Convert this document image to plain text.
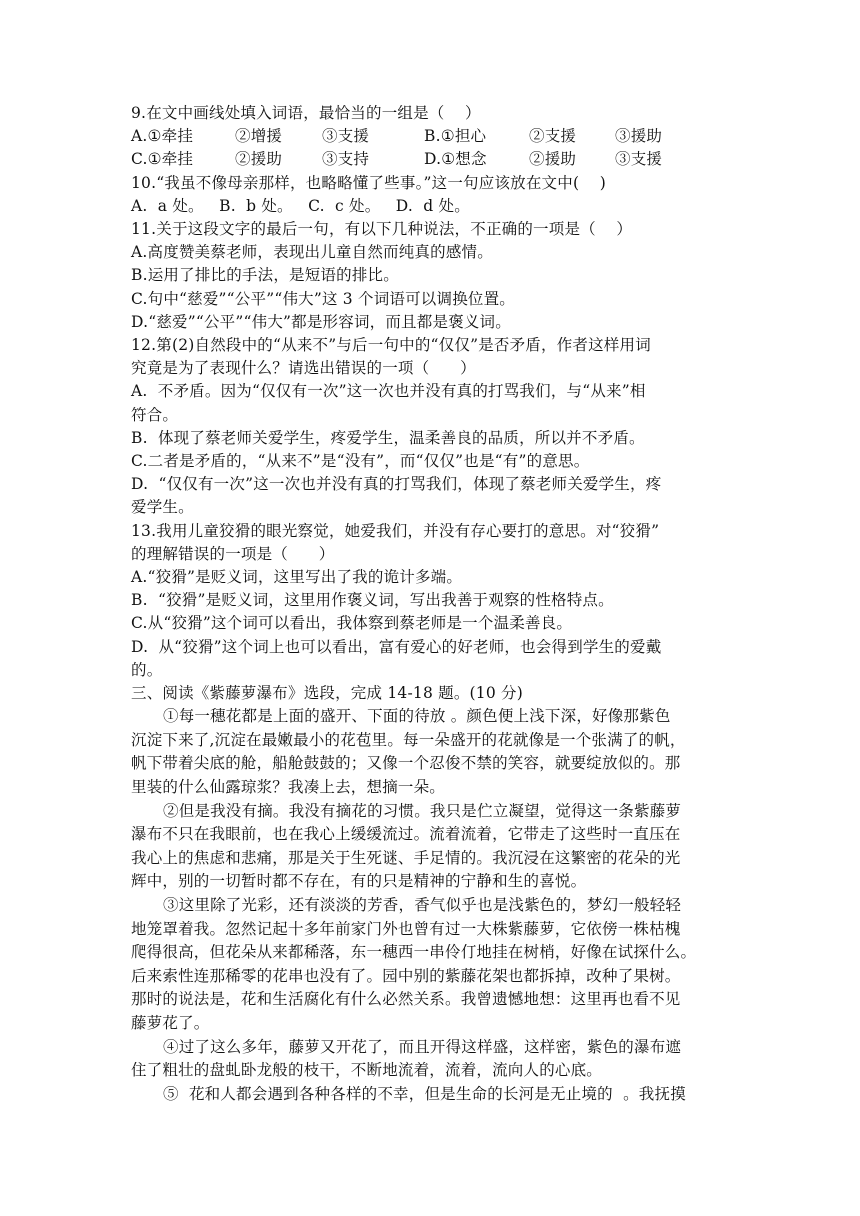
9.在文中画线处填入词语，最恰当的一组是（    ）
A.①牵挂	②增援	③支援	B.①担心	②支援	③援助
C.①牵挂	②援助	③支持	D.①想念	②援助	③支援
10.“我虽不像母亲那样，也略略懂了些事。”这一句应该放在文中(    )
A.  a 处。   B.  b 处。   C.  c 处。   D.  d 处。
11.关于这段文字的最后一句，有以下几种说法，不正确的一项是（    ）
A.高度赞美蔡老师，表现出儿童自然而纯真的感情。
B.运用了排比的手法，是短语的排比。
C.句中“慈爱”“公平”“伟大”这 3 个词语可以调换位置。
D.“慈爱”“公平”“伟大”都是形容词，而且都是褒义词。
12.第(2)自然段中的“从来不”与后一句中的“仅仅”是否矛盾，作者这样用词
究竟是为了表现什么？请选出错误的一项（      ）
A.  不矛盾。因为“仅仅有一次”这一次也并没有真的打骂我们，与“从来”相
符合。
B.  体现了蔡老师关爱学生，疼爱学生，温柔善良的品质，所以并不矛盾。
C.二者是矛盾的，“从来不”是“没有”，而“仅仅”也是“有”的意思。
D.  “仅仅有一次”这一次也并没有真的打骂我们，体现了蔡老师关爱学生，疼
爱学生。
13.我用儿童狡猾的眼光察觉，她爱我们，并没有存心要打的意思。对“狡猾”
的理解错误的一项是（      ）
A.“狡猾”是贬义词，这里写出了我的诡计多端。
B.  “狡猾”是贬义词，这里用作褒义词，写出我善于观察的性格特点。
C.从“狡猾”这个词可以看出，我体察到蔡老师是一个温柔善良。
D.  从“狡猾”这个词上也可以看出，富有爱心的好老师，也会得到学生的爱戴
的。
三、阅读《紫藤萝瀑布》选段，完成 14-18 题。(10 分)
①每一穗花都是上面的盛开、下面的待放 。颜色便上浅下深，好像那紫色
沉淀下来了,沉淀在最嫩最小的花苞里。每一朵盛开的花就像是一个张满了的帆，
帆下带着尖底的舱，船舱鼓鼓的；又像一个忍俊不禁的笑容，就要绽放似的。那
里装的什么仙露琼浆？我凑上去，想摘一朵。
②但是我没有摘。我没有摘花的习惯。我只是伫立凝望，觉得这一条紫藤萝
瀑布不只在我眼前，也在我心上缓缓流过。流着流着，它带走了这些时一直压在
我心上的焦虑和悲痛，那是关于生死谜、手足情的。我沉浸在这繁密的花朵的光
辉中，别的一切暂时都不存在，有的只是精神的宁静和生的喜悦。
③这里除了光彩，还有淡淡的芳香，香气似乎也是浅紫色的，梦幻一般轻轻
地笼罩着我。忽然记起十多年前家门外也曾有过一大株紫藤萝，它依傍一株枯槐
爬得很高，但花朵从来都稀落，东一穗西一串伶仃地挂在树梢，好像在试探什么。
后来索性连那稀零的花串也没有了。园中别的紫藤花架也都拆掉，改种了果树。
那时的说法是，花和生活腐化有什么必然关系。我曾遗憾地想：这里再也看不见
藤萝花了。
④过了这么多年，藤萝又开花了，而且开得这样盛，这样密，紫色的瀑布遮
住了粗壮的盘虬卧龙般的枝干，不断地流着，流着，流向人的心底。
⑤  花和人都会遇到各种各样的不幸，但是生命的长河是无止境的  。我抚摸
